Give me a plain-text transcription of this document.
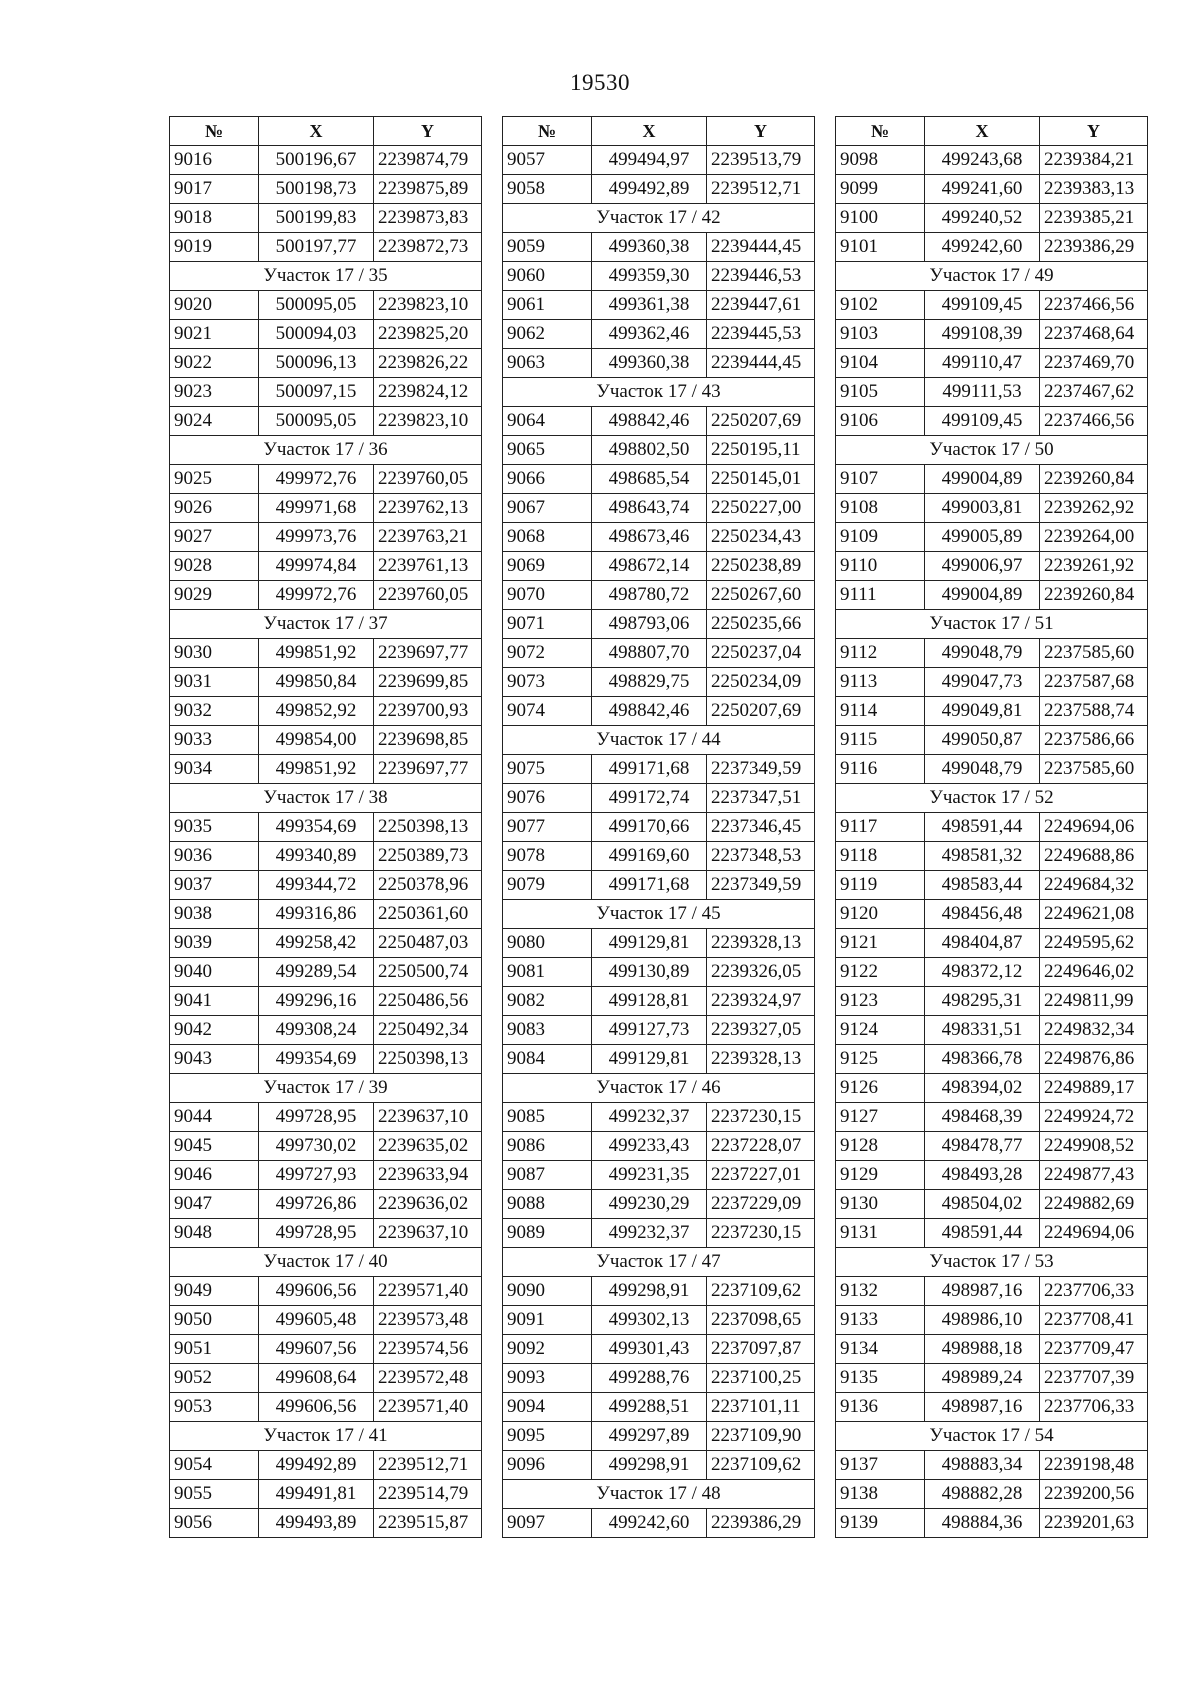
19530
№	X	Y
9016	500196,67	2239874,79
9017	500198,73	2239875,89
9018	500199,83	2239873,83
9019	500197,77	2239872,73
Участок 17 / 35		
9020	500095,05	2239823,10
9021	500094,03	2239825,20
9022	500096,13	2239826,22
9023	500097,15	2239824,12
9024	500095,05	2239823,10
Участок 17 / 36		
9025	499972,76	2239760,05
9026	499971,68	2239762,13
9027	499973,76	2239763,21
9028	499974,84	2239761,13
9029	499972,76	2239760,05
Участок 17 / 37		
9030	499851,92	2239697,77
9031	499850,84	2239699,85
9032	499852,92	2239700,93
9033	499854,00	2239698,85
9034	499851,92	2239697,77
Участок 17 / 38		
9035	499354,69	2250398,13
9036	499340,89	2250389,73
9037	499344,72	2250378,96
9038	499316,86	2250361,60
9039	499258,42	2250487,03
9040	499289,54	2250500,74
9041	499296,16	2250486,56
9042	499308,24	2250492,34
9043	499354,69	2250398,13
Участок 17 / 39		
9044	499728,95	2239637,10
9045	499730,02	2239635,02
9046	499727,93	2239633,94
9047	499726,86	2239636,02
9048	499728,95	2239637,10
Участок 17 / 40		
9049	499606,56	2239571,40
9050	499605,48	2239573,48
9051	499607,56	2239574,56
9052	499608,64	2239572,48
9053	499606,56	2239571,40
Участок 17 / 41		
9054	499492,89	2239512,71
9055	499491,81	2239514,79
9056	499493,89	2239515,87
№	X	Y
9057	499494,97	2239513,79
9058	499492,89	2239512,71
Участок 17 / 42		
9059	499360,38	2239444,45
9060	499359,30	2239446,53
9061	499361,38	2239447,61
9062	499362,46	2239445,53
9063	499360,38	2239444,45
Участок 17 / 43		
9064	498842,46	2250207,69
9065	498802,50	2250195,11
9066	498685,54	2250145,01
9067	498643,74	2250227,00
9068	498673,46	2250234,43
9069	498672,14	2250238,89
9070	498780,72	2250267,60
9071	498793,06	2250235,66
9072	498807,70	2250237,04
9073	498829,75	2250234,09
9074	498842,46	2250207,69
Участок 17 / 44		
9075	499171,68	2237349,59
9076	499172,74	2237347,51
9077	499170,66	2237346,45
9078	499169,60	2237348,53
9079	499171,68	2237349,59
Участок 17 / 45		
9080	499129,81	2239328,13
9081	499130,89	2239326,05
9082	499128,81	2239324,97
9083	499127,73	2239327,05
9084	499129,81	2239328,13
Участок 17 / 46		
9085	499232,37	2237230,15
9086	499233,43	2237228,07
9087	499231,35	2237227,01
9088	499230,29	2237229,09
9089	499232,37	2237230,15
Участок 17 / 47		
9090	499298,91	2237109,62
9091	499302,13	2237098,65
9092	499301,43	2237097,87
9093	499288,76	2237100,25
9094	499288,51	2237101,11
9095	499297,89	2237109,90
9096	499298,91	2237109,62
Участок 17 / 48		
9097	499242,60	2239386,29
№	X	Y
9098	499243,68	2239384,21
9099	499241,60	2239383,13
9100	499240,52	2239385,21
9101	499242,60	2239386,29
Участок 17 / 49		
9102	499109,45	2237466,56
9103	499108,39	2237468,64
9104	499110,47	2237469,70
9105	499111,53	2237467,62
9106	499109,45	2237466,56
Участок 17 / 50		
9107	499004,89	2239260,84
9108	499003,81	2239262,92
9109	499005,89	2239264,00
9110	499006,97	2239261,92
9111	499004,89	2239260,84
Участок 17 / 51		
9112	499048,79	2237585,60
9113	499047,73	2237587,68
9114	499049,81	2237588,74
9115	499050,87	2237586,66
9116	499048,79	2237585,60
Участок 17 / 52		
9117	498591,44	2249694,06
9118	498581,32	2249688,86
9119	498583,44	2249684,32
9120	498456,48	2249621,08
9121	498404,87	2249595,62
9122	498372,12	2249646,02
9123	498295,31	2249811,99
9124	498331,51	2249832,34
9125	498366,78	2249876,86
9126	498394,02	2249889,17
9127	498468,39	2249924,72
9128	498478,77	2249908,52
9129	498493,28	2249877,43
9130	498504,02	2249882,69
9131	498591,44	2249694,06
Участок 17 / 53		
9132	498987,16	2237706,33
9133	498986,10	2237708,41
9134	498988,18	2237709,47
9135	498989,24	2237707,39
9136	498987,16	2237706,33
Участок 17 / 54		
9137	498883,34	2239198,48
9138	498882,28	2239200,56
9139	498884,36	2239201,63
